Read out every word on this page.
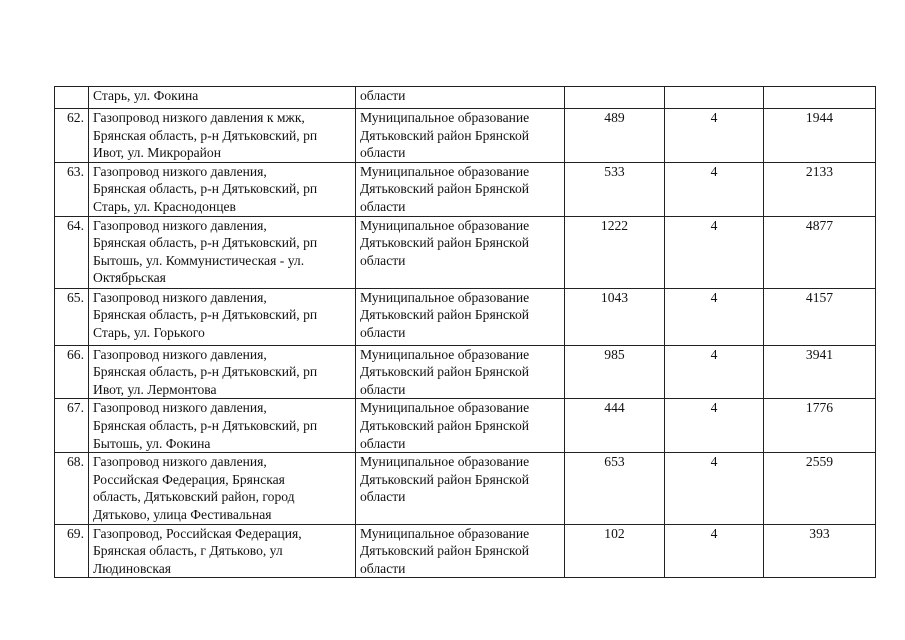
	Старь, ул. Фокина	области			

62.	Газопровод низкого давления к мжк,
Брянская область, р-н Дятьковский, рп
Ивот, ул. Микрорайон	Муниципальное образование
Дятьковский район Брянской
области	489	4	1944
63.	Газопровод низкого давления,
Брянская область, р-н Дятьковский, рп
Старь, ул. Краснодонцев	Муниципальное образование
Дятьковский район Брянской
области	533	4	2133
64.	Газопровод низкого давления,
Брянская область, р-н Дятьковский, рп
Бытошь, ул. Коммунистическая - ул.
Октябрьская	Муниципальное образование
Дятьковский район Брянской
области	1222	4	4877
65.	Газопровод низкого давления,
Брянская область, р-н Дятьковский, рп
Старь, ул. Горького	Муниципальное образование
Дятьковский район Брянской
области	1043	4	4157
66.	Газопровод низкого давления,
Брянская область, р-н Дятьковский, рп
Ивот, ул. Лермонтова	Муниципальное образование
Дятьковский район Брянской
области	985	4	3941
67.	Газопровод низкого давления,
Брянская область, р-н Дятьковский, рп
Бытошь, ул. Фокина	Муниципальное образование
Дятьковский район Брянской
области	444	4	1776
68.	Газопровод низкого давления,
Российская Федерация, Брянская
область, Дятьковский район, город
Дятьково, улица Фестивальная	Муниципальное образование
Дятьковский район Брянской
области	653	4	2559
69.	Газопровод, Российская Федерация,
Брянская область, г Дятьково, ул
Людиновская	Муниципальное образование
Дятьковский район Брянской
области	102	4	393
